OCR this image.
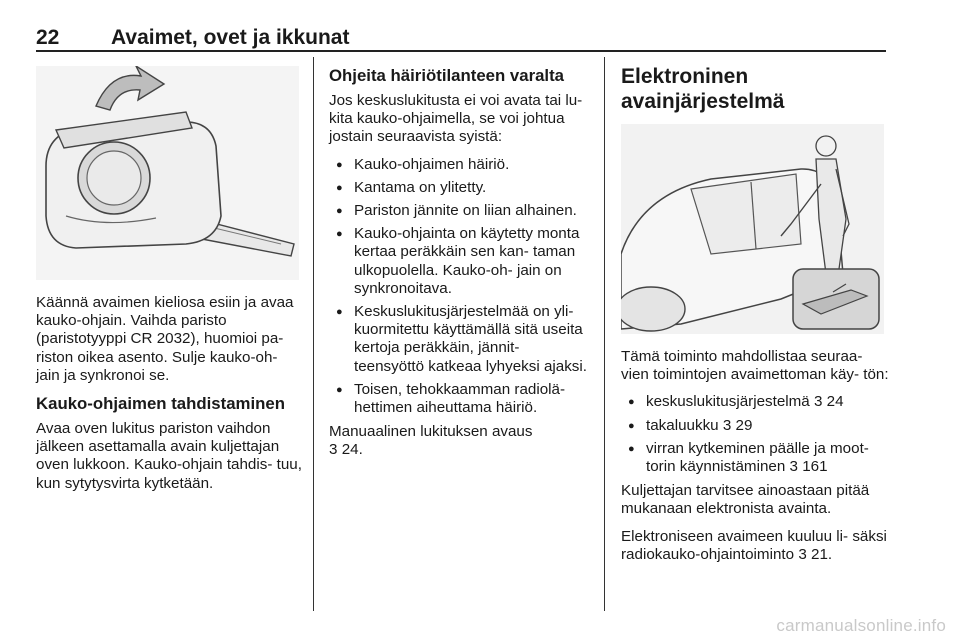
22 Avaimet, ovet ja ikkunat

Käännä avaimen kieliosa esiin ja avaa kauko-ohjain. Vaihda paristo (paristotyyppi CR 2032), huomioi pa- riston oikea asento. Sulje kauko-oh- jain ja synkronoi se.

Kauko-ohjaimen tahdistaminen

Avaa oven lukitus pariston vaihdon jälkeen asettamalla avain kuljettajan oven lukkoon. Kauko-ohjain tahdis- tuu, kun sytytysvirta kytketään.

Ohjeita häiriötilanteen varalta

Jos keskuslukitusta ei voi avata tai lu- kita kauko-ohjaimella, se voi johtua jostain seuraavista syistä:

● Kauko-ohjaimen häiriö.
● Kantama on ylitetty.
● Pariston jännite on liian alhainen.
● Kauko-ohjainta on käytetty monta kertaa peräkkäin sen kan- taman ulkopuolella. Kauko-oh- jain on synkronoitava.
● Keskuslukitusjärjestelmää on yli- kuormitettu käyttämällä sitä useita kertoja peräkkäin, jännit- teensyöttö katkeaa lyhyeksi ajaksi.
● Toisen, tehokkaamman radiolä- hettimen aiheuttama häiriö.

Manuaalinen lukituksen avaus
3 24.

Elektroninen
avainjärjestelmä

Tämä toiminto mahdollistaa seuraa- vien toimintojen avaimettoman käy- tön:

● keskuslukitusjärjestelmä 3 24
● takaluukku 3 29
● virran kytkeminen päälle ja moot- torin käynnistäminen 3 161

Kuljettajan tarvitsee ainoastaan pitää mukanaan elektronista avainta.

Elektroniseen avaimeen kuuluu li- säksi radiokauko-ohjaintoiminto 3 21.

carmanualsonline.info
